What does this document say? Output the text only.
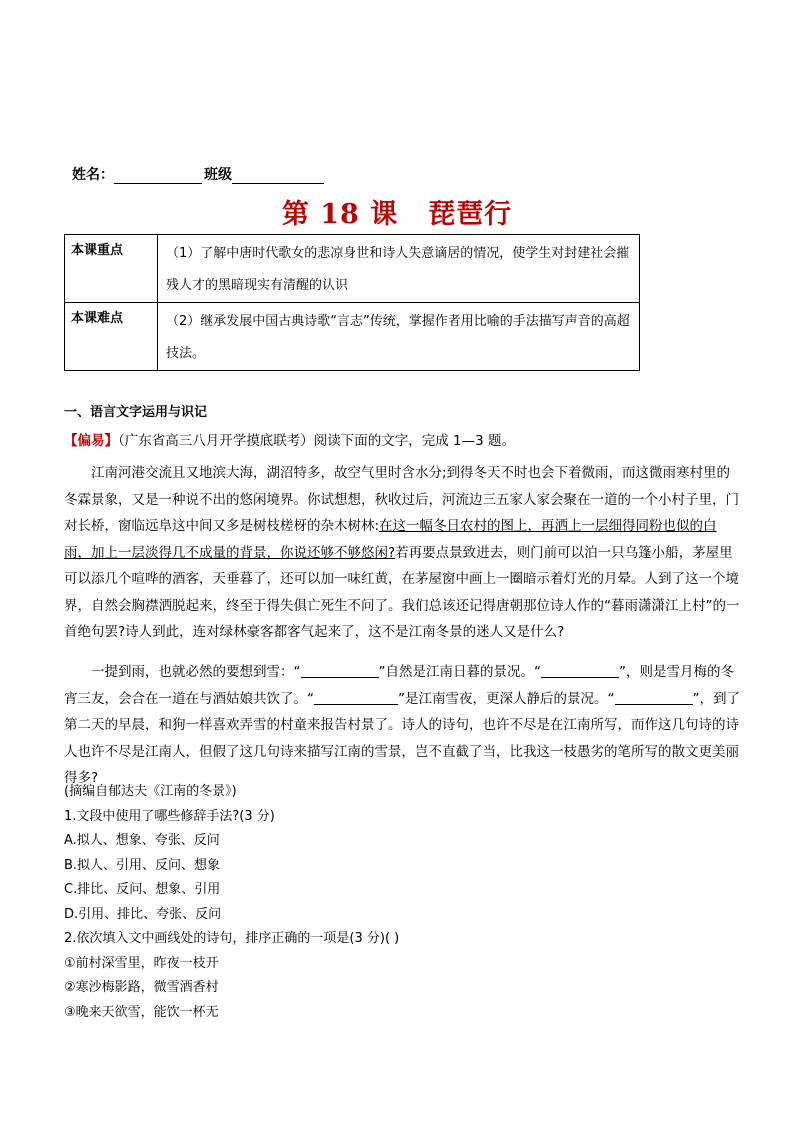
姓名：	班级
第 18 课 琵琶行
本课重点	（1）了解中唐时代歌女的悲凉身世和诗人失意谪居的情况，使学生对封建社会摧残人才的黑暗现实有清醒的认识
本课难点	（2）继承发展中国古典诗歌“言志”传统，掌握作者用比喻的手法描写声音的高超技法。
一、语言文字运用与识记
【偏易】（广东省高三八月开学摸底联考）阅读下面的文字，完成 1—3 题。
江南河港交流且又地滨大海，湖沼特多，故空气里时含水分;到得冬天不时也会下着微雨，而这微雨寒村里的冬霖景象，又是一种说不出的悠闲境界。你试想想，秋收过后，河流边三五家人家会聚在一道的一个小村子里，门对长桥，窗临远阜这中间又多是树枝槎枒的杂木树林:在这一幅冬日农村的图上，再洒上一层细得同粉也似的白雨，加上一层淡得几不成量的背景，你说还够不够悠闲?若再要点景致进去，则门前可以泊一只乌篷小船，茅屋里可以添几个喧哗的酒客，天垂暮了，还可以加一味红黄，在茅屋窗中画上一圈暗示着灯光的月晕。人到了这一个境界，自然会胸襟洒脱起来，终至于得失俱亡死生不问了。我们总该还记得唐朝那位诗人作的“暮雨潇潇江上村”的一首绝句罢?诗人到此，连对绿林豪客都客气起来了，这不是江南冬景的迷人又是什么?
一提到雨，也就必然的要想到雪：“	”自然是江南日暮的景况。“	”，则是雪月梅的冬宵三友，会合在一道在与酒姑娘共饮了。“	”是江南雪夜，更深人静后的景况。“	”，到了第二天的早晨，和狗一样喜欢弄雪的村童来报告村景了。诗人的诗句，也许不尽是在江南所写，而作这几句诗的诗人也许不尽是江南人，但假了这几句诗来描写江南的雪景，岂不直截了当，比我这一枝愚劣的笔所写的散文更美丽得多?
(摘编自郁达夫《江南的冬景》)
1.文段中使用了哪些修辞手法?(3 分)
A.拟人、想象、夸张、反问
B.拟人、引用、反问、想象
C.排比、反问、想象、引用
D.引用、排比、夸张、反问
2.依次填入文中画线处的诗句，排序正确的一项是(3 分)( )
①前村深雪里，昨夜一枝开
②寒沙梅影路，微雪酒香村
③晚来天欲雪，能饮一杯无
